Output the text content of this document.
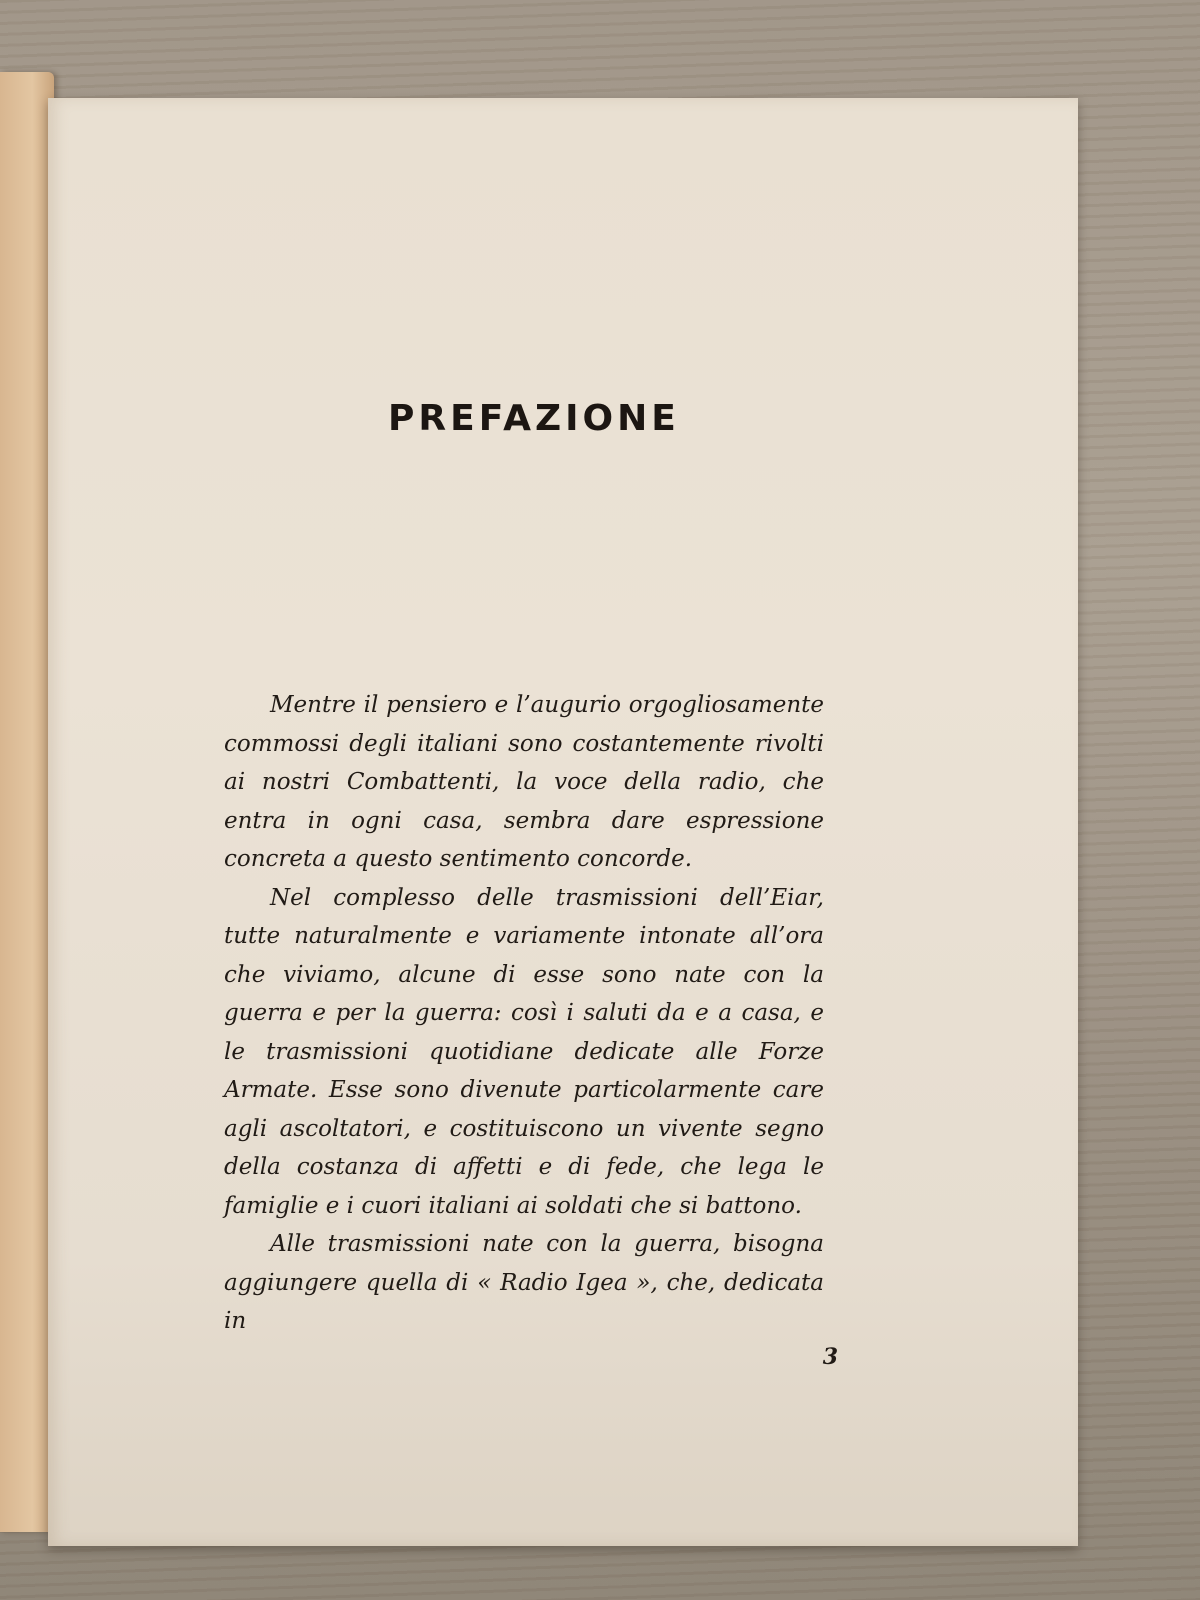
PREFAZIONE

Mentre il pensiero e l’augurio orgogliosamente commossi degli italiani sono costantemente rivolti ai nostri Combattenti, la voce della radio, che entra in ogni casa, sembra dare espressione concreta a questo sentimento concorde.

Nel complesso delle trasmissioni dell’Eiar, tutte naturalmente e variamente intonate all’ora che viviamo, alcune di esse sono nate con la guerra e per la guerra: così i saluti da e a casa, e le trasmissioni quotidiane dedicate alle Forze Armate. Esse sono divenute particolarmente care agli ascoltatori, e costituiscono un vivente segno della costanza di affetti e di fede, che lega le famiglie e i cuori italiani ai soldati che si battono.

Alle trasmissioni nate con la guerra, bisogna aggiungere quella di « Radio Igea », che, dedicata in

3
